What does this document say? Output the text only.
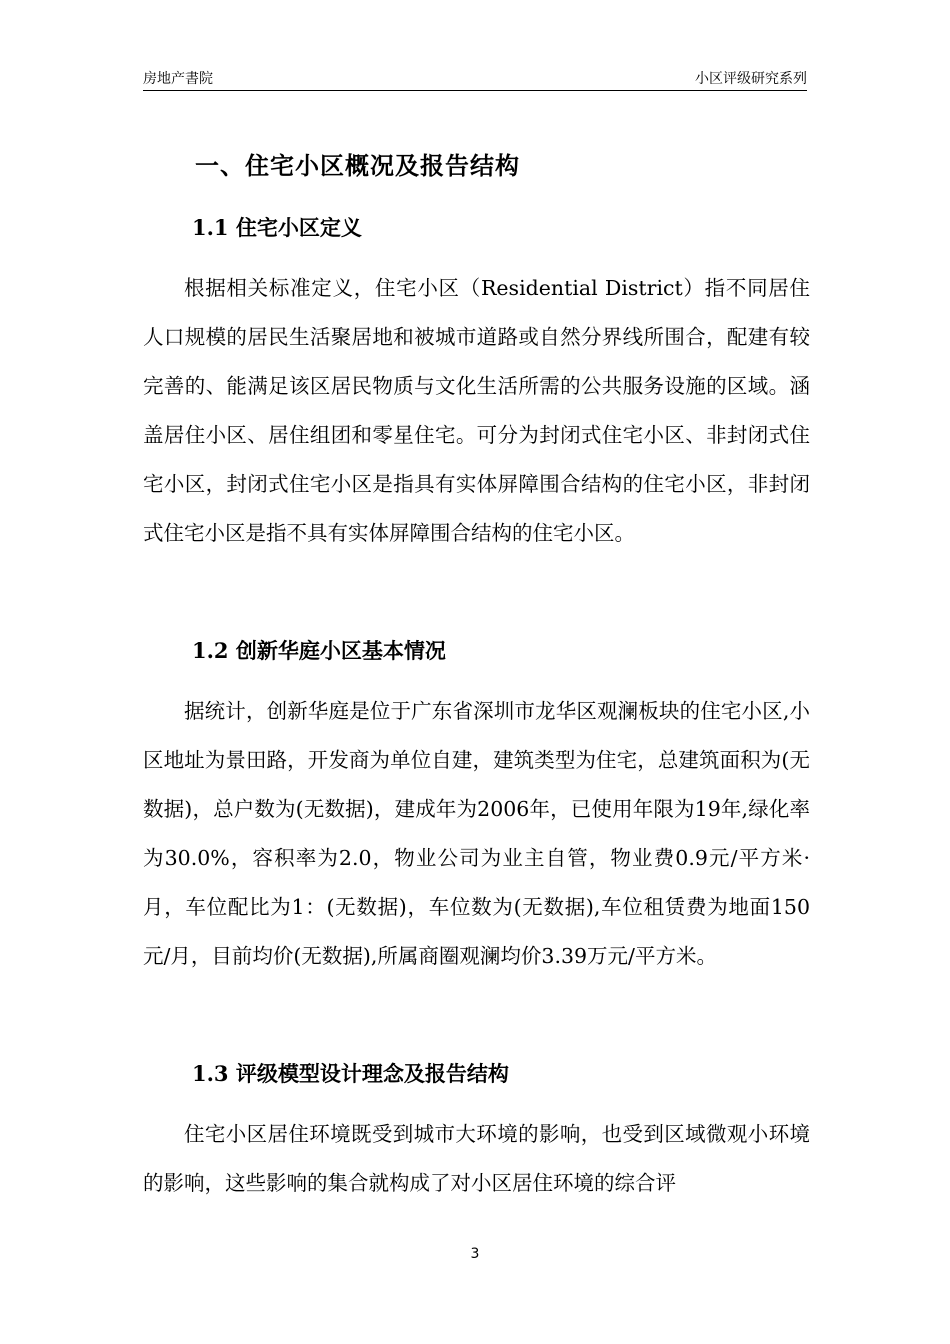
房地产書院	小区评级研究系列
一、住宅小区概况及报告结构
1.1 住宅小区定义

根据相关标准定义，住宅小区（Residential District）指不同居住人口规模的居民生活聚居地和被城市道路或自然分界线所围合，配建有较完善的、能满足该区居民物质与文化生活所需的公共服务设施的区域。涵盖居住小区、居住组团和零星住宅。可分为封闭式住宅小区、非封闭式住宅小区，封闭式住宅小区是指具有实体屏障围合结构的住宅小区，非封闭式住宅小区是指不具有实体屏障围合结构的住宅小区。

1.2 创新华庭小区基本情况

据统计，创新华庭是位于广东省深圳市龙华区观澜板块的住宅小区,小区地址为景田路，开发商为单位自建，建筑类型为住宅，总建筑面积为(无数据)，总户数为(无数据)，建成年为2006年，已使用年限为19年,绿化率为30.0%，容积率为2.0，物业公司为业主自管，物业费0.9元/平方米·月，车位配比为1：(无数据)，车位数为(无数据),车位租赁费为地面150元/月，目前均价(无数据),所属商圈观澜均价3.39万元/平方米。

1.3 评级模型设计理念及报告结构

住宅小区居住环境既受到城市大环境的影响，也受到区域微观小环境的影响，这些影响的集合就构成了对小区居住环境的综合评

3
